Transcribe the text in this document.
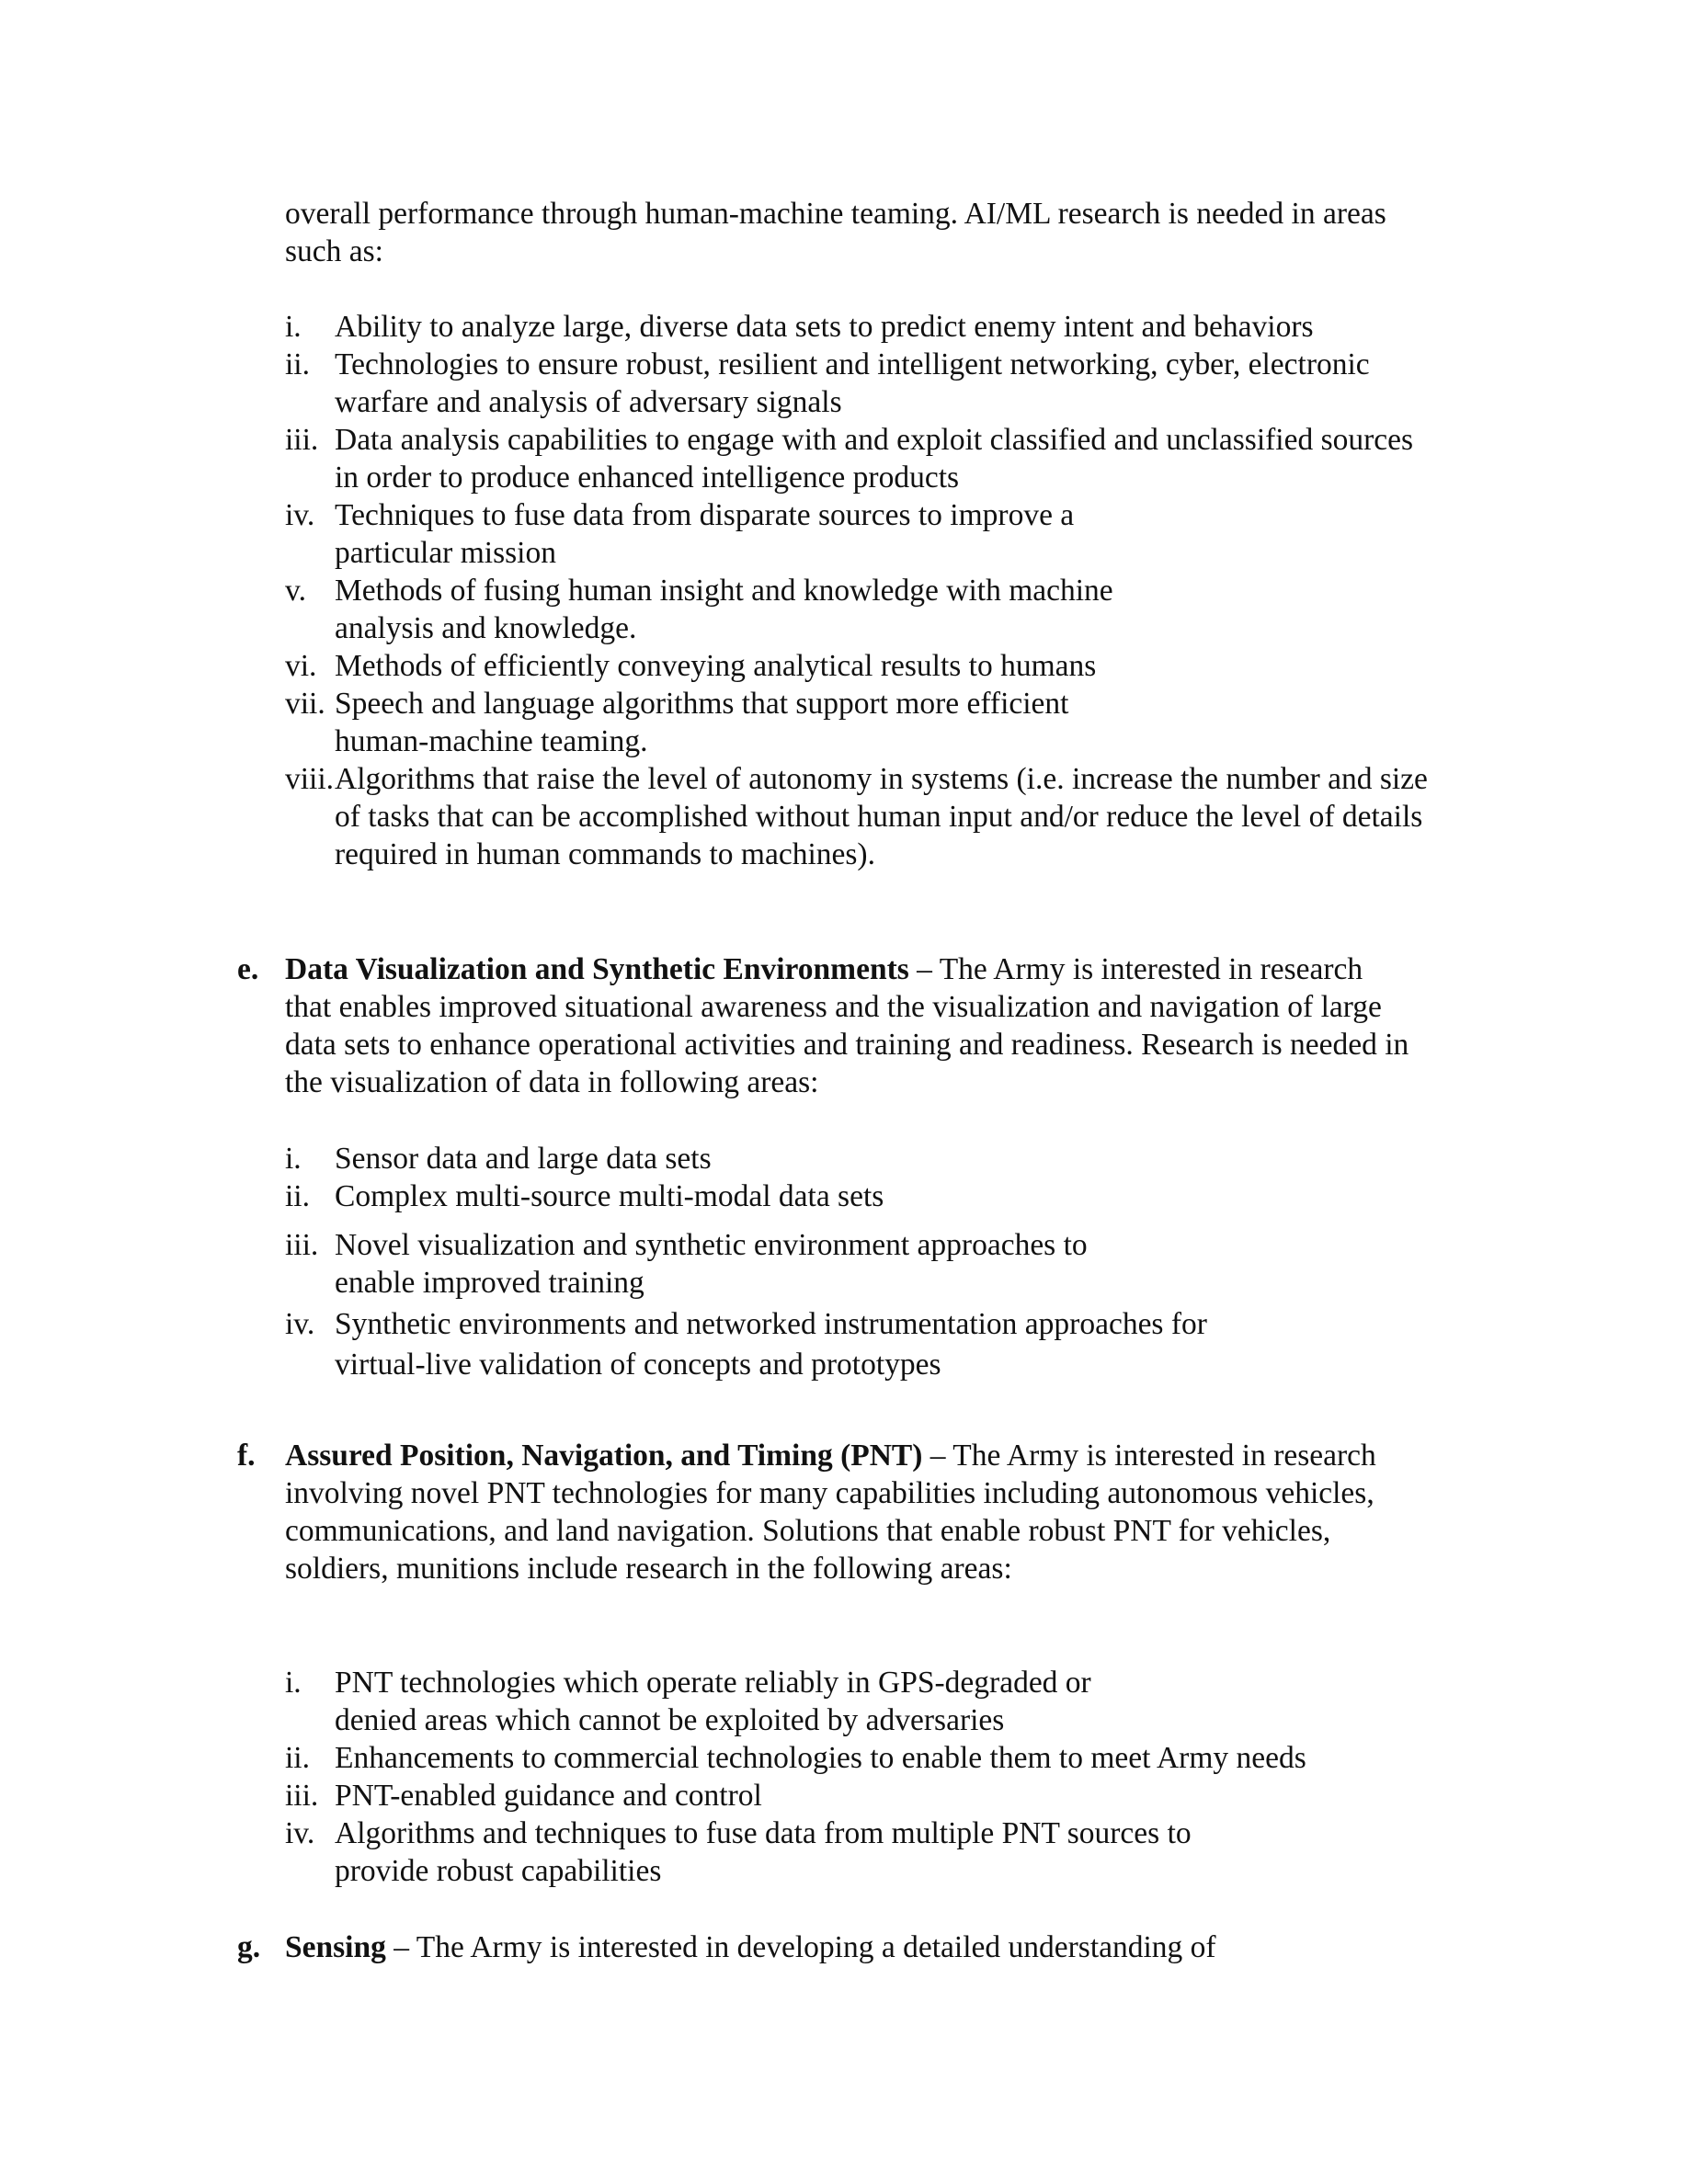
overall performance through human-machine teaming. AI/ML research is needed in areas such as:

i.	Ability to analyze large, diverse data sets to predict enemy intent and behaviors
ii. Technologies to ensure robust, resilient and intelligent networking, cyber, electronic warfare and analysis of adversary signals
iii. Data analysis capabilities to engage with and exploit classified and unclassified sources in order to produce enhanced intelligence products
iv. Techniques to fuse data from disparate sources to improve a particular mission
v. Methods of fusing human insight and knowledge with machine analysis and knowledge.
vi. Methods of efficiently conveying analytical results to humans
vii. Speech and language algorithms that support more efficient human-machine teaming.
viii. Algorithms that raise the level of autonomy in systems (i.e. increase the number and size of tasks that can be accomplished without human input and/or reduce the level of details required in human commands to machines).
e. Data Visualization and Synthetic Environments – The Army is interested in research that enables improved situational awareness and the visualization and navigation of large data sets to enhance operational activities and training and readiness. Research is needed in the visualization of data in following areas:

i.	Sensor data and large data sets
ii. Complex multi-source multi-modal data sets
iii. Novel visualization and synthetic environment approaches to enable improved training
iv. Synthetic environments and networked instrumentation approaches for virtual-live validation of concepts and prototypes
f. Assured Position, Navigation, and Timing (PNT) – The Army is interested in research involving novel PNT technologies for many capabilities including autonomous vehicles, communications, and land navigation. Solutions that enable robust PNT for vehicles, soldiers, munitions include research in the following areas:

i.	PNT technologies which operate reliably in GPS-degraded or denied areas which cannot be exploited by adversaries
ii. Enhancements to commercial technologies to enable them to meet Army needs
iii. PNT-enabled guidance and control
iv. Algorithms and techniques to fuse data from multiple PNT sources to provide robust capabilities
g. Sensing – The Army is interested in developing a detailed understanding of
